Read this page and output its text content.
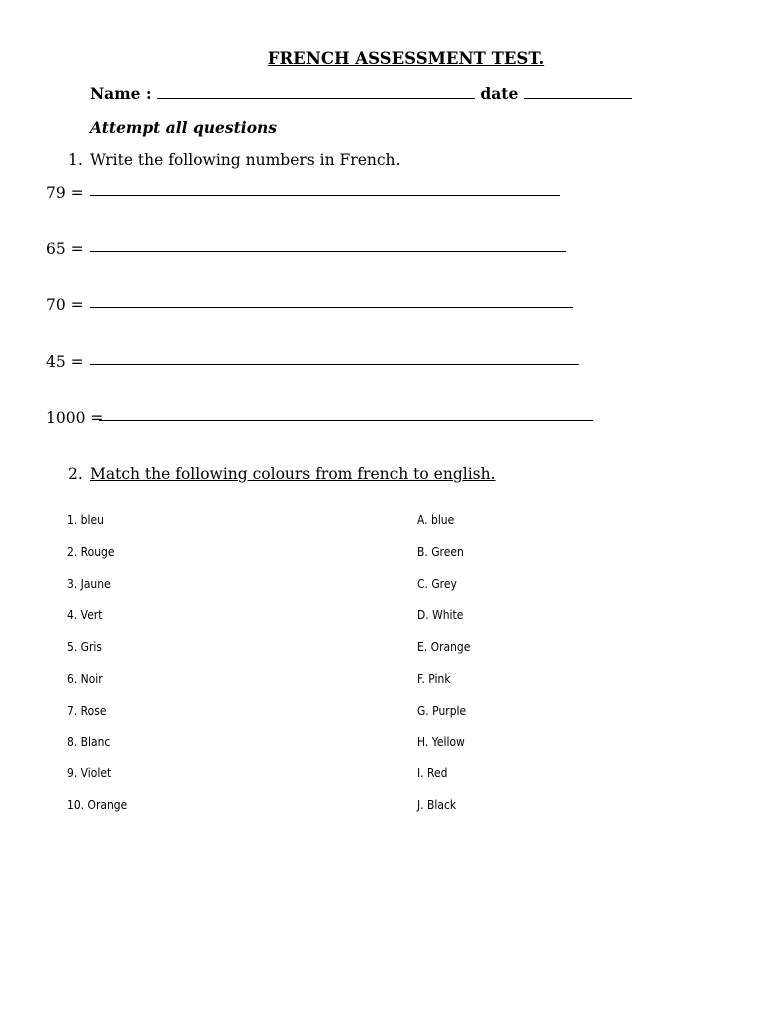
FRENCH ASSESSMENT TEST.
Name :	date
Attempt all questions
1. Write the following numbers in French.
79 =
65 =
70 =
45 =
1000 =
2. Match the following colours from french to english.
1. bleu
2. Rouge
3. Jaune
4. Vert
5. Gris
6. Noir
7. Rose
8. Blanc
9. Violet
10. Orange
A. blue
B. Green
C. Grey
D. White
E. Orange
F. Pink
G. Purple
H. Yellow
I. Red
J. Black
